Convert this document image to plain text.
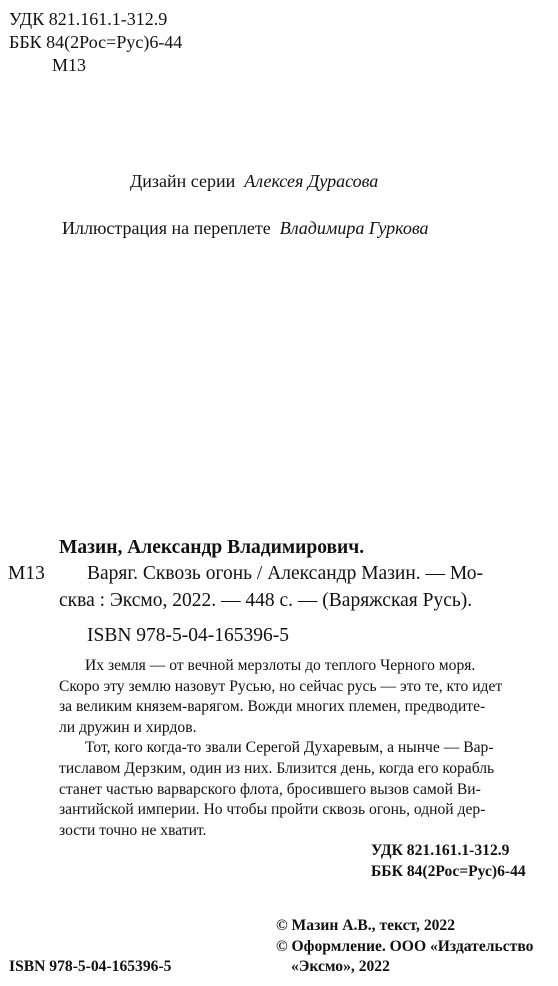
УДК 821.161.1-312.9
ББК 84(2Рос=Рус)6-44
М13
Дизайн серии Алексея Дурасова
Иллюстрация на переплете Владимира Гуркова
Мазин, Александр Владимирович.
М13 Варяг. Сквозь огонь / Александр Мазин. — Мо-
сква : Эксмо, 2022. — 448 с. — (Варяжская Русь).
ISBN 978-5-04-165396-5
Их земля — от вечной мерзлоты до теплого Черного моря.
Скоро эту землю назовут Русью, но сейчас русь — это те, кто идет
за великим князем-варягом. Вожди многих племен, предводите-
ли дружин и хирдов.
Тот, кого когда-то звали Серегой Духаревым, а нынче — Вар-
тиславом Дерзким, один из них. Близится день, когда его корабль
станет частью варварского флота, бросившего вызов самой Ви-
зантийской империи. Но чтобы пройти сквозь огонь, одной дер-
зости точно не хватит.
УДК 821.161.1-312.9
ББК 84(2Рос=Рус)6-44
© Мазин А.В., текст, 2022
© Оформление. ООО «Издательство
«Эксмо», 2022
ISBN 978-5-04-165396-5
